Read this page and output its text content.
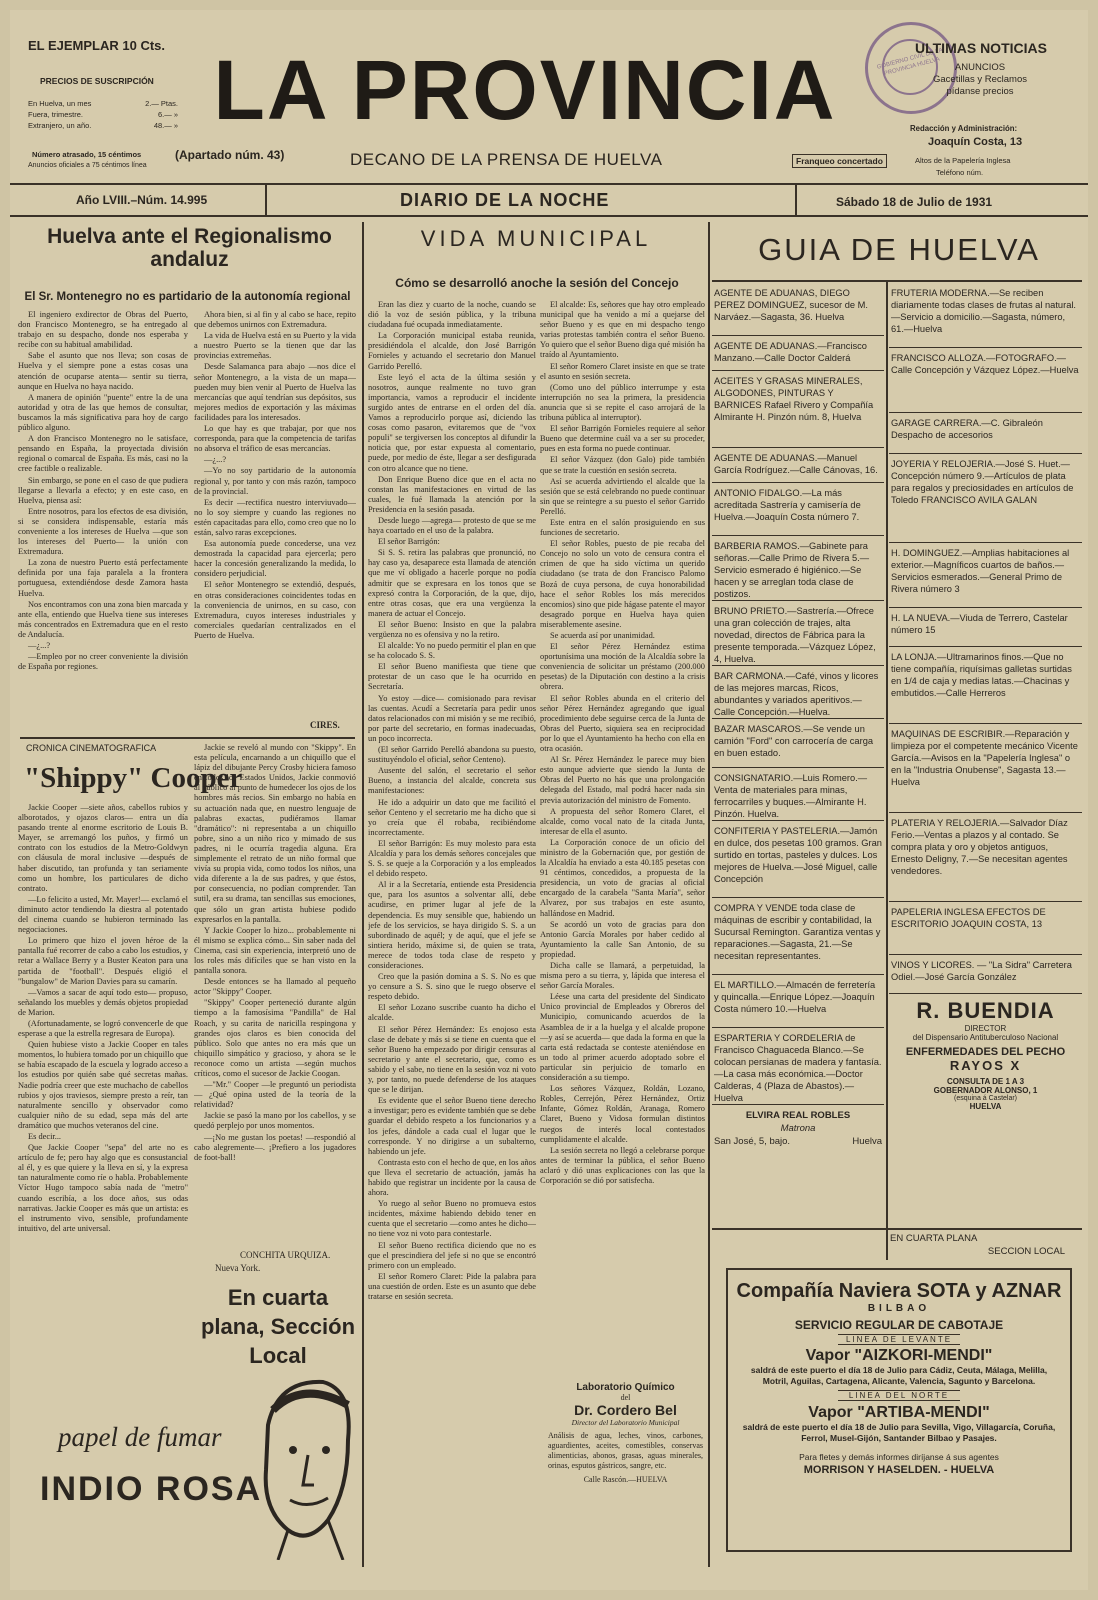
EL EJEMPLAR 10 Cts.
PRECIOS DE SUSCRIPCIÓN
En Huelva, un mes	2.— Ptas.
Fuera, trimestre.	6.— »
Extranjero, un año.	48.— »
Número atrasado, 15 céntimos
Anuncios oficiales a 75 céntimos línea
LA PROVINCIA
(Apartado núm. 43)	DECANO DE LA PRENSA DE HUELVA	Franqueo concertado
GOBIERNO CIVIL DE LA PROVINCIA HUELVA
ULTIMAS NOTICIAS
ANUNCIOS
Gacetillas y Reclamos
pídanse precios
Redacción y Administración:
Joaquín Costa, 13
Altos de la Papelería Inglesa
Teléfono núm.
Año LVIII.–Núm. 14.995	DIARIO DE LA NOCHE	Sábado 18 de Julio de 1931
Huelva ante el Regionalismo andaluz
El Sr. Montenegro no es partidario de la autonomía regional

El ingeniero exdirector de Obras del Puerto, don Francisco Montenegro, se ha entregado al trabajo en su despacho, donde nos esperaba y recibe con su habitual amabilidad.

Sabe el asunto que nos lleva; son cosas de Huelva y el siempre pone a estas cosas una atención de ocuparse atenta— sentir su tierra, aunque en Huelva no haya nacido.

A manera de opinión "puente" entre la de una autoridad y otra de las que hemos de consultar, buscamos la más significativa para hoy de cargo público alguno.

A don Francisco Montenegro no le satisface, pensando en España, la proyectada división regional o comarcal de España. Es más, casi no la cree factible o realizable.

Sin embargo, se pone en el caso de que pudiera llegarse a llevarla a efecto; y en este caso, en Huelva, piensa así:

Entre nosotros, para los efectos de esa división, si se considera indispensable, estaría más conveniente a los intereses de Huelva —que son los intereses del Puerto— la unión con Extremadura.

La zona de nuestro Puerto está perfectamente definida por una faja paralela a la frontera portuguesa, extendiéndose desde Zamora hasta Huelva.

Nos encontramos con una zona bien marcada y ante ella, entiendo que Huelva tiene sus intereses más concentrados en Extremadura que en el resto de Andalucía.

—¿...?

—Empleo por no creer conveniente la división de España por regiones.

Ahora bien, si al fin y al cabo se hace, repito que debemos unirnos con Extremadura.

La vida de Huelva está en su Puerto y la vida a nuestro Puerto se la tienen que dar las provincias extremeñas.

Desde Salamanca para abajo —nos dice el señor Montenegro, a la vista de un mapa— pueden muy bien venir al Puerto de Huelva las mercancías que aquí tendrían sus depósitos, sus mejores medios de exportación y las máximas facilidades para los interesados.

Lo que hay es que trabajar, por que nos corresponda, para que la competencia de tarifas no absorva el tráfico de esas mercancías.

—¿...?

—Yo no soy partidario de la autonomía regional y, por tanto y con más razón, tampoco de la provincial.

Es decir —rectifica nuestro interviuvado— no lo soy siempre y cuando las regiones no estén capacitadas para ello, como creo que no lo están, salvo raras excepciones.

Esa autonomía puede concederse, una vez demostrada la capacidad para ejercerla; pero hacer la concesión generalizando la medida, lo considero perjudicial.

El señor Montenegro se extendió, después, en otras consideraciones coincidentes todas en la conveniencia de unirnos, en su caso, con Extremadura, cuyos intereses industriales y comerciales quedarían centralizados en el Puerto de Huelva.

CIRES.
CRONICA CINEMATOGRAFICA
"Shippy" Cooper

Jackie Cooper —siete años, cabellos rubios y alborotados, y ojazos claros— entra un día pasando trente al enorme escritorio de Louis B. Mayer, se arremangó los puños, y firmó un contrato con los estudios de la Metro-Goldwyn con cláusula de moral inclusive —después de haber discutido, tan profunda y tan seriamente como un hombre, los particulares de dicho contrato.

—Lo felicito a usted, Mr. Mayer!— exclamó el diminuto actor tendiendo la diestra al potentado del cinema cuando se hubieron terminado las negociaciones.

Lo primero que hizo el joven héroe de la pantalla fué recorrer de cabo a cabo los estudios, y retar a Wallace Berry y a Buster Keaton para una partida de "football". Después eligió el "bungalow" de Marion Davies para su camarín.

—Vamos a sacar de aquí todo esto— propuso, señalando los muebles y demás objetos propiedad de Marion.

(Afortunadamente, se logró convencerle de que esperase a que la estrella regresara de Europa).

Quien hubiese visto a Jackie Cooper en tales momentos, lo hubiera tomado por un chiquillo que se había escapado de la escuela y logrado acceso a los estudios por quién sabe qué secretas mañas. Nadie podría creer que este muchacho de cabellos rubios y ojos traviesos, siempre presto a reír, tan naturalmente sencillo y observador como cualquier niño de su edad, sepa más del arte dramático que muchos veteranos del cine.

Es decir...

Que Jackie Cooper "sepa" del arte no es artículo de fe; pero hay algo que es consustancial al él, y es que quiere y la lleva en sí, y la expresa tan naturalmente como ríe o habla. Probablemente Víctor Hugo tampoco sabía nada de "metro" cuando escribía, a los doce años, sus odas narrativas. Jackie Cooper es más que un artista: es el instrumento vivo, sensible, profundamente intuitivo, del arte universal.

Jackie se reveló al mundo con "Skippy". En esta película, encarnando a un chiquillo que el lápiz del dibujante Percy Crosby hiciera famoso en todos los Estados Unidos, Jackie conmovió al público al punto de humedecer los ojos de los hombres más recios. Sin embargo no había en su actuación nada que, en nuestro lenguaje de palabras exactas, pudiéramos llamar "dramático": ni representaba a un chiquillo pobre, sino a un niño rico y mimado de sus padres, ni le ocurría tragedia alguna. Era simplemente el retrato de un niño formal que vivía su propia vida, como todos los niños, una vida diferente a la de sus padres, y que éstos, por consecuencia, no podían comprender. Tan sutil, era su drama, tan sencillas sus emociones, que sólo un gran artista hubiese podido expresarlos en la pantalla.

Y Jackie Cooper lo hizo... probablemente ni él mismo se explica cómo... Sin saber nada del Cinema, casi sin experiencia, interpretó uno de los roles más difíciles que se han visto en la pantalla sonora.

Desde entonces se ha llamado al pequeño actor "Skippy" Cooper.

"Skippy" Cooper perteneció durante algún tiempo a la famosísima "Pandilla" de Hal Roach, y su carita de naricilla respingona y grandes ojos claros es bien conocida del público. Solo que antes no era más que un chiquillo simpático y gracioso, y ahora se le reconoce como un artista —según muchos críticos, como el sucesor de Jackie Coogan.

—"Mr." Cooper —le preguntó un periodista— ¿Qué opina usted de la teoría de la relatividad?

Jackie se pasó la mano por los cabellos, y se quedó perplejo por unos momentos.

—¡No me gustan los poetas! —respondió al cabo alegremente—. ¡Prefiero a los jugadores de foot-ball!

CONCHITA URQUIZA.
Nueva York.
En cuarta plana, Sección Local
papel de fumar
INDIO ROSA
VIDA MUNICIPAL
Cómo se desarrolló anoche la sesión del Concejo

Eran las diez y cuarto de la noche, cuando se dió la voz de sesión pública, y la tribuna ciudadana fué ocupada inmediatamente.

La Corporación municipal estaba reunida, presidiéndola el alcalde, don José Barrigón Fornieles y actuando el secretario don Manuel Garrido Perelló.

Este leyó el acta de la última sesión y nosotros, aunque realmente no tuvo gran importancia, vamos a reproducir el incidente surgido antes de entrarse en el orden del día. Vamos a reproducirlo porque así, diciendo las cosas como pasaron, evitaremos que de "vox populi" se tergiversen los conceptos al difundir la noticia que, por estar expuesta al comentario, puede, por medio de éste, llegar a ser desfigurada con otro alcance que no tiene.

Don Enrique Bueno dice que en el acta no constan las manifestaciones en virtud de las cuales, le fué llamada la atención por la Presidencia en la sesión pasada.

Desde luego —agrega— protesto de que se me haya coartado en el uso de la palabra.

El señor Barrigón:

Si S. S. retira las palabras que pronunció, no hay caso ya, desaparece esta llamada de atención que me ví obligado a hacerle porque no podía admitir que se expresara en los tonos que se expresó contra la Corporación, de la que, dijo, entre otras cosas, que era una vergüenza la manera de actuar el Concejo.

El señor Bueno: Insisto en que la palabra vergüenza no es ofensiva y no la retiro.

El alcalde: Yo no puedo permitir el plan en que se ha colocado S. S.

El señor Bueno manifiesta que tiene que protestar de un caso que le ha ocurrido en Secretaría.

Yo estoy —dice— comisionado para revisar las cuentas. Acudí a Secretaría para pedir unos datos relacionados con mi misión y se me recibió, por parte del secretario, en formas inadecuadas, un poco incorrecta.

(El señor Garrido Perelló abandona su puesto, sustituyéndolo el oficial, señor Centeno).

Ausente del salón, el secretario el señor Bueno, a instancia del alcalde, concreta sus manifestaciones:

He ido a adquirir un dato que me facilitó el señor Centeno y el secretario me ha dicho que si yo creía que él robaba, recibiéndome incorrectamente.

El señor Barrigón: Es muy molesto para esta Alcaldía y para los demás señores concejales que S. S. se queje a la Corporación y a los empleados el debido respeto.

Al ir a la Secretaría, entiende esta Presidencia que, para los asuntos a solventar allí, debe acudirse, en primer lugar al jefe de la dependencia. Es muy sensible que, habiendo un jefe de los servicios, se haya dirigido S. S. a un subordinado de aquél; y de aquí, que el jefe se sintiera herido, máxime si, de quien se trata, merece de todos toda clase de respeto y consideraciones.

Creo que la pasión domina a S. S. No es que yo censure a S. S. sino que le ruego observe el respeto debido.

El señor Lozano suscribe cuanto ha dicho el alcalde.

El señor Pérez Hernández: Es enojoso esta clase de debate y más si se tiene en cuenta que el señor Bueno ha empezado por dirigir censuras al secretario y ante el secretario, que, como es sabido y el sabe, no tiene en la sesión voz ni voto y, por tanto, no puede defenderse de los ataques que se le dirijan.

Es evidente que el señor Bueno tiene derecho a investigar; pero es evidente también que se debe guardar el debido respeto a los funcionarios y a los jefes, dándole a cada cual el lugar que le corresponde. Y no dirigirse a un subalterno, habiendo un jefe.

Contrasta esto con el hecho de que, en los años que lleva el secretario de actuación, jamás ha habido que registrar un incidente por la causa de ahora.

Yo ruego al señor Bueno no promueva estos incidentes, máxime habiendo debido tener en cuenta que el secretario —como antes he dicho— no tiene voz ni voto para contestarle.

El señor Bueno rectifica diciendo que no es que el prescindiera del jefe si no que se encontró primero con un empleado.

El señor Romero Claret: Pide la palabra para una cuestión de orden. Este es un asunto que debe tratarse en sesión secreta.

El alcalde: Es, señores que hay otro empleado municipal que ha venido a mí a quejarse del señor Bueno y es que en mi despacho tengo varias protestas también contra el señor Bueno. Yo quiero que el señor Bueno diga qué misión ha traído al Ayuntamiento.

El señor Romero Claret insiste en que se trate el asunto en sesión secreta.

(Como uno del público interrumpe y esta interrupción no sea la primera, la presidencia anuncia que si se repite el caso arrojará de la tribuna pública al interruptor).

El señor Barrigón Fornieles requiere al señor Bueno que determine cuál va a ser su proceder, pues en esta forma no puede continuar.

El señor Vázquez (don Galo) pide también que se trate la cuestión en sesión secreta.

Así se acuerda advirtiendo el alcalde que la sesión que se está celebrando no puede continuar sin que se reintegre a su puesto el señor Garrido Perelló.

Este entra en el salón prosiguiendo en sus funciones de secretario.

El señor Robles, puesto de pie recaba del Concejo no solo un voto de censura contra el crimen de que ha sido víctima un querido ciudadano (se trata de don Francisco Palomo Bozá de cuya persona, de cuya honorabilidad hace el señor Robles los más merecidos encomios) sino que pide hágase patente el mayor desagrado porque en Huelva haya quien miserablemente asesine.

Se acuerda así por unanimidad.

El señor Pérez Hernández estima oportunísima una moción de la Alcaldía sobre la conveniencia de solicitar un préstamo (200.000 pesetas) de la Diputación con destino a la crisis obrera.

El señor Robles abunda en el criterio del señor Pérez Hernández agregando que igual procedimiento debe seguirse cerca de la Junta de Obras del Puerto, siquiera sea en reciprocidad por lo que el Ayuntamiento ha hecho con ella en otra ocasión.

Al Sr. Pérez Hernández le parece muy bien esto aunque advierte que siendo la Junta de Obras del Puerto no hás que una prolongación delegada del Estado, mal podrá hacer nada sin previa autorización del ministro de Fomento.

A propuesta del señor Romero Claret, el alcalde, como vocal nato de la citada Junta, interesar de ella el asunto.

La Corporación conoce de un oficio del ministro de la Gobernación que, por gestión de la Alcaldía ha enviado a esta 40.185 pesetas con 91 céntimos, concedidos, a propuesta de la presidencia, un voto de gracias al oficial encargado de la carabela "Santa María", señor Alvarez, por sus trabajos en este asunto, hallándose en Madrid.

Se acordó un voto de gracias para don Antonio García Morales por haber cedido al Ayuntamiento la calle San Antonio, de su propiedad.

Dicha calle se llamará, a perpetuidad, la misma pero a su tierra, y, lápida que interesa el señor García Morales.

Léese una carta del presidente del Sindicato Unico provincial de Empleados y Obreros del Municipio, comunicando acuerdos de la Asamblea de ir a la huelga y el alcalde propone —y así se acuerda— que dada la forma en que la carta está redactada se conteste ateniéndose en un todo al primer acuerdo adoptado sobre el particular sin perjuicio de tomarlo en consideración a su tiempo.

Los señores Vázquez, Roldán, Lozano, Robles, Cerrejón, Pérez Hernández, Ortiz Infante, Gómez Roldán, Aranaga, Romero Claret, Bueno y Vidosa formulan distintos ruegos de interés local contestados cumplidamente el alcalde.

La sesión secreta no llegó a celebrarse porque antes de terminar la pública, el señor Bueno aclaró y dió unas explicaciones con las que la Corporación se dió por satisfecha.

Laboratorio Químico
del
Dr. Cordero Bel
Director del Laboratorio Municipal
Análisis de agua, leches, vinos, carbones, aguardientes, aceites, comestibles, conservas alimenticias, abonos, grasas, aguas minerales, orinas, esputos gástricos, sangre, etc.
Calle Rascón.—HUELVA
GUIA DE HUELVA
AGENTE DE ADUANAS, DIEGO PEREZ DOMINGUEZ, sucesor de M. Narváez.—Sagasta, 36. Huelva
AGENTE DE ADUANAS.—Francisco Manzano.—Calle Doctor Calderá
ACEITES Y GRASAS MINERALES, ALGODONES, PINTURAS Y BARNICES Rafael Rivero y Compañía Almirante H. Pinzón núm. 8, Huelva
AGENTE DE ADUANAS.—Manuel García Rodríguez.—Calle Cánovas, 16.
ANTONIO FIDALGO.—La más acreditada Sastrería y camisería de Huelva.—Joaquín Costa número 7.
BARBERIA RAMOS.—Gabinete para señoras.—Calle Primo de Rivera 5.—Servicio esmerado é higiénico.—Se hacen y se arreglan toda clase de postizos.
BRUNO PRIETO.—Sastrería.—Ofrece una gran colección de trajes, alta novedad, directos de Fábrica para la presente temporada.—Vázquez López, 4, Huelva.
BAR CARMONA.—Café, vinos y licores de las mejores marcas, Ricos, abundantes y variados aperitivos.—Calle Concepción.—Huelva.
BAZAR MASCAROS.—Se vende un camión "Ford" con carrocería de carga en buen estado.
CONSIGNATARIO.—Luis Romero.—Venta de materiales para minas, ferrocarriles y buques.—Almirante H. Pinzón. Huelva.
CONFITERIA Y PASTELERIA.—Jamón en dulce, dos pesetas 100 gramos. Gran surtido en tortas, pasteles y dulces. Los mejores de Huelva.—José Miguel, calle Concepción
COMPRA Y VENDE toda clase de máquinas de escribir y contabilidad, la Sucursal Remington. Garantiza ventas y reparaciones.—Sagasta, 21.—Se necesitan representantes.
EL MARTILLO.—Almacén de ferretería y quincalla.—Enrique López.—Joaquín Costa número 10.—Huelva
ESPARTERIA Y CORDELERIA de Francisco Chaguaceda Blanco.—Se colocan persianas de madera y fantasía.—La casa más económica.—Doctor Calderas, 4 (Plaza de Abastos).—Huelva
ELVIRA REAL ROBLES
Matrona
San José, 5, bajo.	Huelva
FRUTERIA MODERNA.—Se reciben diariamente todas clases de frutas al natural.—Servicio a domicilio.—Sagasta, número, 61.—Huelva
FRANCISCO ALLOZA.—FOTOGRAFO.—Calle Concepción y Vázquez López.—Huelva
GARAGE CARRERA.—C. Gibraleón Despacho de accesorios
JOYERIA Y RELOJERIA.—José S. Huet.—Concepción número 9.—Artículos de plata para regalos y preciosidades en artículos de Toledo FRANCISCO AVILA GALAN
H. DOMINGUEZ.—Amplias habitaciones al exterior.—Magníficos cuartos de baños.—Servicios esmerados.—General Primo de Rivera número 3
H. LA NUEVA.—Viuda de Terrero, Castelar número 15
LA LONJA.—Ultramarinos finos.—Que no tiene compañía, riquísimas galletas surtidas en 1/4 de caja y medias latas.—Chacinas y embutidos.—Calle Herreros
MAQUINAS DE ESCRIBIR.—Reparación y limpieza por el competente mecánico Vicente García.—Avisos en la "Papelería Inglesa" o en la "Industria Onubense", Sagasta 13.—Huelva
PLATERIA Y RELOJERIA.—Salvador Díaz Ferio.—Ventas a plazos y al contado. Se compra plata y oro y objetos antiguos, Ernesto Deligny, 7.—Se necesitan agentes vendedores.
PAPELERIA INGLESA EFECTOS DE ESCRITORIO JOAQUIN COSTA, 13
VINOS Y LICORES. — "La Sidra" Carretera Odiel.—José García González
R. BUENDIA
DIRECTOR
del Dispensario Antituberculoso Nacional
ENFERMEDADES DEL PECHO
RAYOS X
CONSULTA DE 1 A 3
GOBERNADOR ALONSO, 1
(esquina á Castelar)
HUELVA
EN CUARTA PLANA
SECCION LOCAL
Compañía Naviera SOTA y AZNAR
BILBAO
SERVICIO REGULAR DE CABOTAJE
LINEA DE LEVANTE
Vapor "AIZKORI-MENDI"
saldrá de este puerto el día 18 de Julio para Cádiz, Ceuta, Málaga, Melilla, Motril, Aguilas, Cartagena, Alicante, Valencia, Sagunto y Barcelona.
LINEA DEL NORTE
Vapor "ARTIBA-MENDI"
saldrá de este puerto el día 18 de Julio para Sevilla, Vigo, Villagarcía, Coruña, Ferrol, Musel-Gijón, Santander Bilbao y Pasajes.
Para fletes y demás informes diríjanse á sus agentes
MORRISON Y HASELDEN. - HUELVA
